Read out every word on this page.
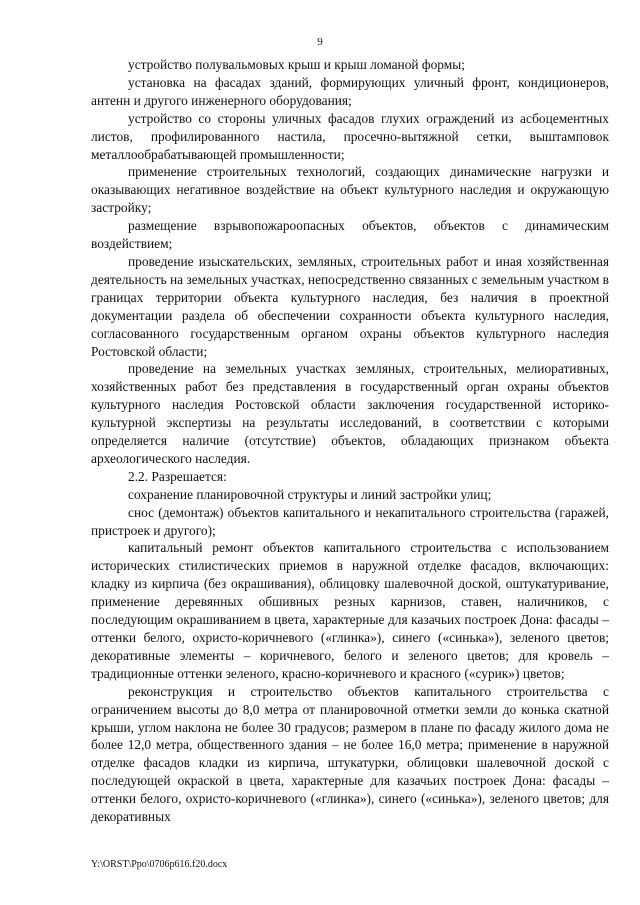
9

устройство полувальмовых крыш и крыш ломаной формы;

установка на фасадах зданий, формирующих уличный фронт, кондиционеров, антенн и другого инженерного оборудования;

устройство со стороны уличных фасадов глухих ограждений из асбоцементных листов, профилированного настила, просечно-вытяжной сетки, выштамповок металлообрабатывающей промышленности;

применение строительных технологий, создающих динамические нагрузки и оказывающих негативное воздействие на объект культурного наследия и окружающую застройку;

размещение взрывопожароопасных объектов, объектов с динамическим воздействием;

проведение изыскательских, земляных, строительных работ и иная хозяйственная деятельность на земельных участках, непосредственно связанных с земельным участком в границах территории объекта культурного наследия, без наличия в проектной документации раздела об обеспечении сохранности объекта культурного наследия, согласованного государственным органом охраны объектов культурного наследия Ростовской области;

проведение на земельных участках земляных, строительных, мелиоративных, хозяйственных работ без представления в государственный орган охраны объектов культурного наследия Ростовской области заключения государственной историко-культурной экспертизы на результаты исследований, в соответствии с которыми определяется наличие (отсутствие) объектов, обладающих признаком объекта археологического наследия.

2.2. Разрешается:

сохранение планировочной структуры и линий застройки улиц;

снос (демонтаж) объектов капитального и некапитального строительства (гаражей, пристроек и другого);

капитальный ремонт объектов капитального строительства с использованием исторических стилистических приемов в наружной отделке фасадов, включающих: кладку из кирпича (без окрашивания), облицовку шалевочной доской, оштукатуривание, применение деревянных обшивных резных карнизов, ставен, наличников, с последующим окрашиванием в цвета, характерные для казачьих построек Дона: фасады – оттенки белого, охристо-коричневого («глинка»), синего («синька»), зеленого цветов; декоративные элементы – коричневого, белого и зеленого цветов; для кровель – традиционные оттенки зеленого, красно-коричневого и красного («сурик») цветов;

реконструкция и строительство объектов капитального строительства с ограничением высоты до 8,0 метра от планировочной отметки земли до конька скатной крыши, углом наклона не более 30 градусов; размером в плане по фасаду жилого дома не более 12,0 метра, общественного здания – не более 16,0 метра; применение в наружной отделке фасадов кладки из кирпича, штукатурки, облицовки шалевочной доской с последующей окраской в цвета, характерные для казачьих построек Дона: фасады – оттенки белого, охристо-коричневого («глинка»), синего («синька»), зеленого цветов; для декоративных

Y:\ORST\Ppo\0706p616.f20.docx
